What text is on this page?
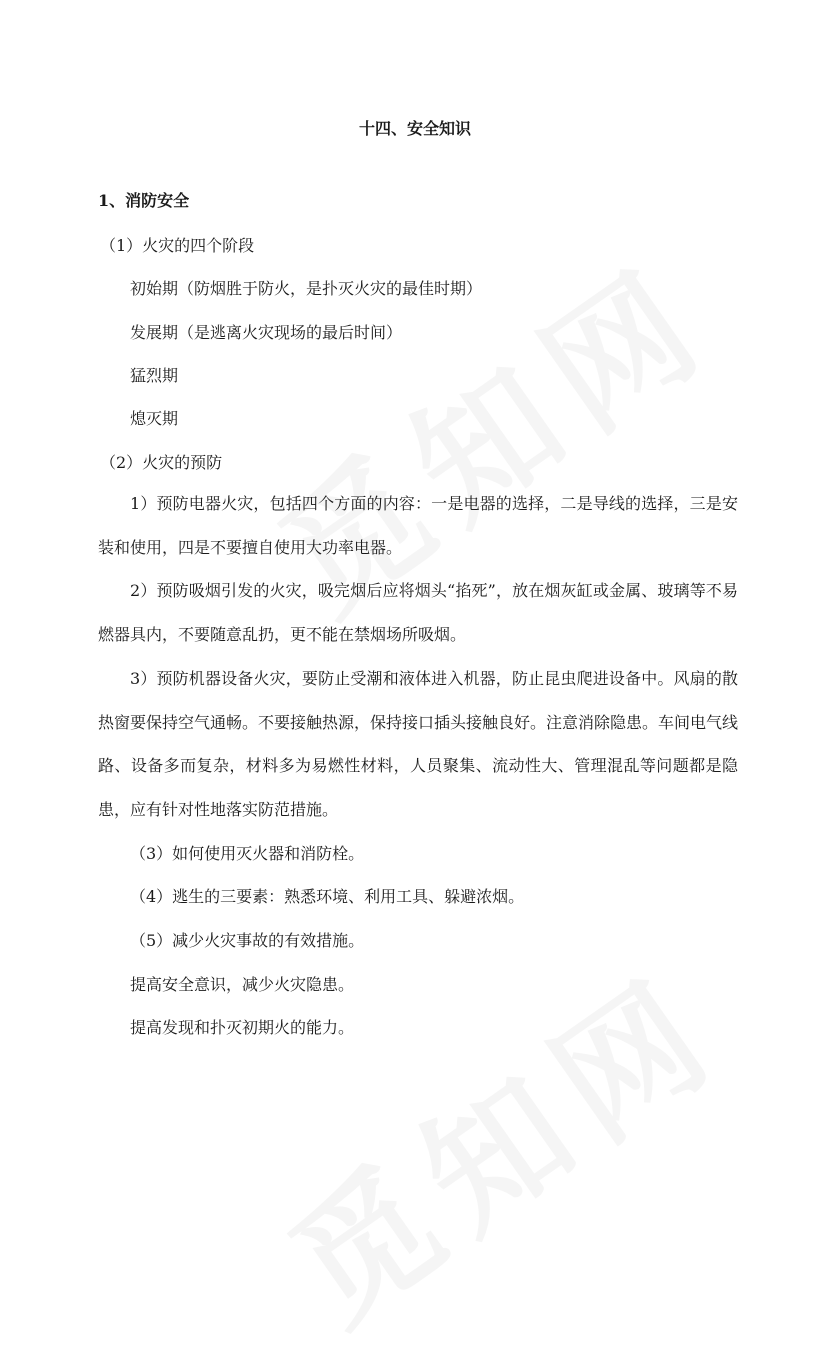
十四、安全知识
1、消防安全
（1）火灾的四个阶段
初始期（防烟胜于防火，是扑灭火灾的最佳时期）
发展期（是逃离火灾现场的最后时间）
猛烈期
熄灭期
（2）火灾的预防
1）预防电器火灾，包括四个方面的内容：一是电器的选择，二是导线的选择，三是安装和使用，四是不要擅自使用大功率电器。
2）预防吸烟引发的火灾，吸完烟后应将烟头“掐死”，放在烟灰缸或金属、玻璃等不易燃器具内，不要随意乱扔，更不能在禁烟场所吸烟。
3）预防机器设备火灾，要防止受潮和液体进入机器，防止昆虫爬进设备中。风扇的散热窗要保持空气通畅。不要接触热源，保持接口插头接触良好。注意消除隐患。车间电气线路、设备多而复杂，材料多为易燃性材料，人员聚集、流动性大、管理混乱等问题都是隐患，应有针对性地落实防范措施。
（3）如何使用灭火器和消防栓。
（4）逃生的三要素：熟悉环境、利用工具、躲避浓烟。
（5）减少火灾事故的有效措施。
提高安全意识，减少火灾隐患。
提高发现和扑灭初期火的能力。
